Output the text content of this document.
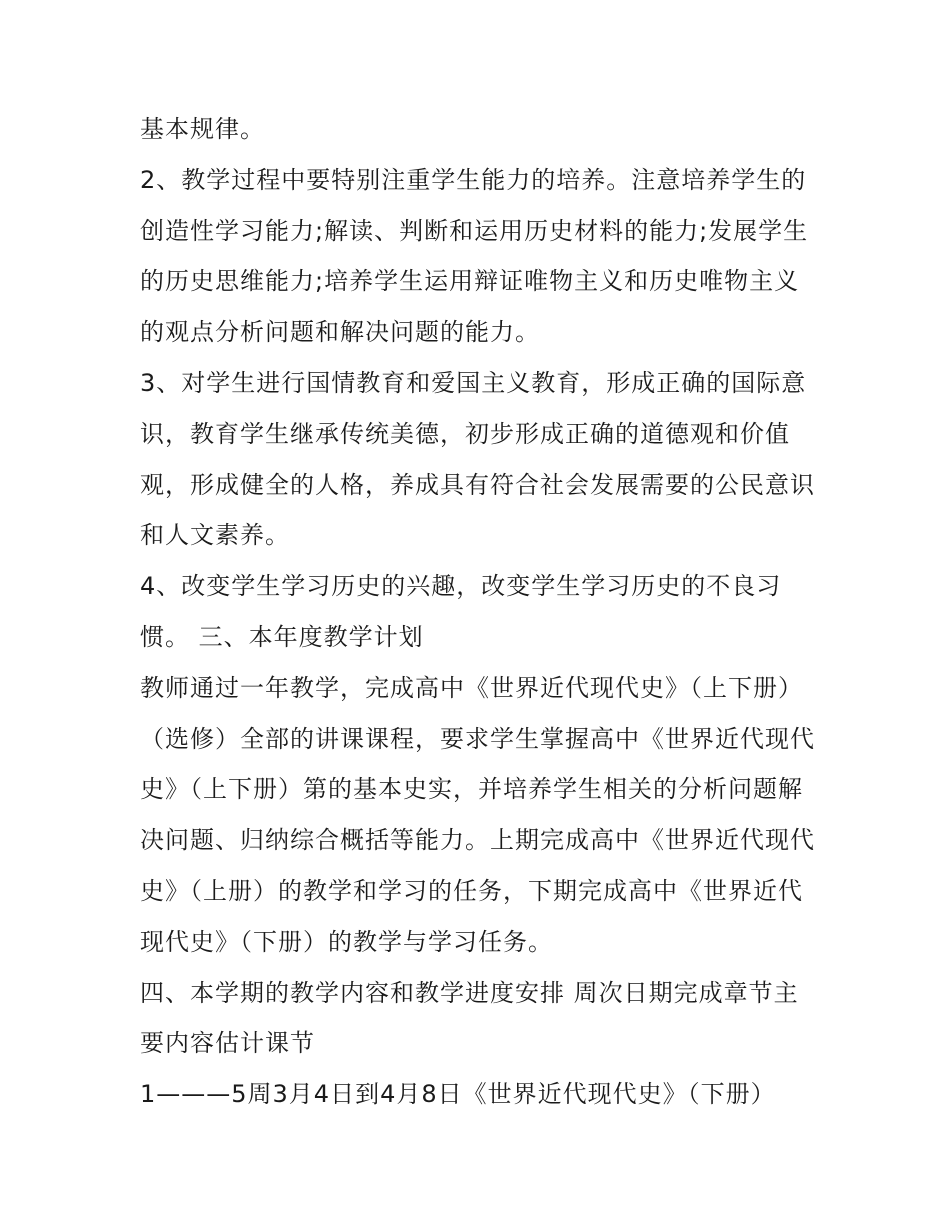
基本规律。
2、教学过程中要特别注重学生能力的培养。注意培养学生的
创造性学习能力;解读、判断和运用历史材料的能力;发展学生
的历史思维能力;培养学生运用辩证唯物主义和历史唯物主义
的观点分析问题和解决问题的能力。
3、对学生进行国情教育和爱国主义教育，形成正确的国际意
识，教育学生继承传统美德，初步形成正确的道德观和价值
观，形成健全的人格，养成具有符合社会发展需要的公民意识
和人文素养。
4、改变学生学习历史的兴趣，改变学生学习历史的不良习
惯。 三、本年度教学计划
教师通过一年教学，完成高中《世界近代现代史》（上下册）
（选修）全部的讲课课程，要求学生掌握高中《世界近代现代
史》（上下册）第的基本史实，并培养学生相关的分析问题解
决问题、归纳综合概括等能力。上期完成高中《世界近代现代
史》（上册）的教学和学习的任务，下期完成高中《世界近代
现代史》（下册）的教学与学习任务。
四、本学期的教学内容和教学进度安排 周次日期完成章节主
要内容估计课节
1———5周3月4日到4月8日《世界近代现代史》（下册）
